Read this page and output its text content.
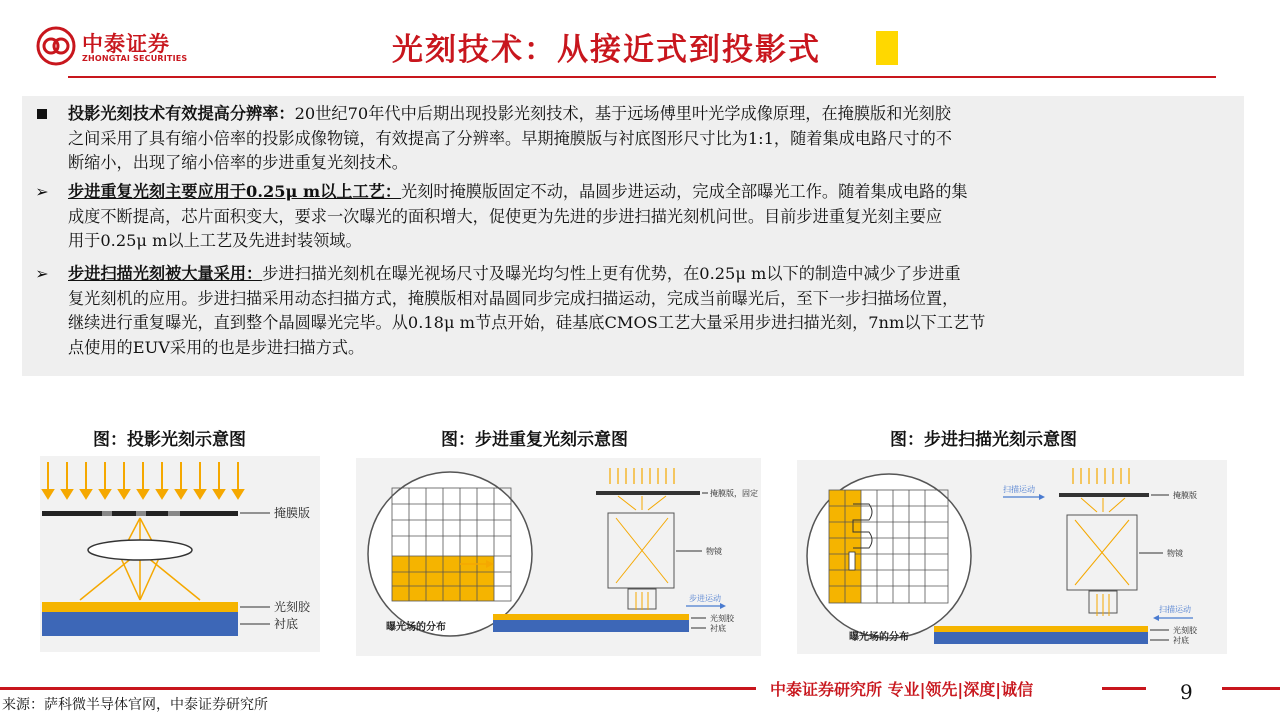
中泰证券
ZHONGTAI SECURITIES	光刻技术：从接近式到投影式
投影光刻技术有效提高分辨率：20世纪70年代中后期出现投影光刻技术，基于远场傅里叶光学成像原理，在掩膜版和光刻胶
之间采用了具有缩小倍率的投影成像物镜，有效提高了分辨率。早期掩膜版与衬底图形尺寸比为1:1，随着集成电路尺寸的不
断缩小，出现了缩小倍率的步进重复光刻技术。
➢	步进重复光刻主要应用于0.25μ m以上工艺：光刻时掩膜版固定不动，晶圆步进运动，完成全部曝光工作。随着集成电路的集
成度不断提高，芯片面积变大，要求一次曝光的面积增大，促使更为先进的步进扫描光刻机问世。目前步进重复光刻主要应
用于0.25μ m以上工艺及先进封装领域。
➢	步进扫描光刻被大量采用：步进扫描光刻机在曝光视场尺寸及曝光均匀性上更有优势，在0.25μ m以下的制造中减少了步进重
复光刻机的应用。步进扫描采用动态扫描方式，掩膜版相对晶圆同步完成扫描运动，完成当前曝光后，至下一步扫描场位置，
继续进行重复曝光，直到整个晶圆曝光完毕。从0.18μ m节点开始，硅基底CMOS工艺大量采用步进扫描光刻，7nm以下工艺节
点使用的EUV采用的也是步进扫描方式。
图：投影光刻示意图
掩膜版
光刻胶
衬底
图：步进重复光刻示意图
曝光场的分布
掩膜版，固定
物镜
步进运动
光刻胶
衬底
图：步进扫描光刻示意图
曝光场的分布
扫描运动
掩膜版
物镜
扫描运动
光刻胶
衬底
中泰证券研究所 专业|领先|深度|诚信	9
来源：萨科微半导体官网，中泰证券研究所
